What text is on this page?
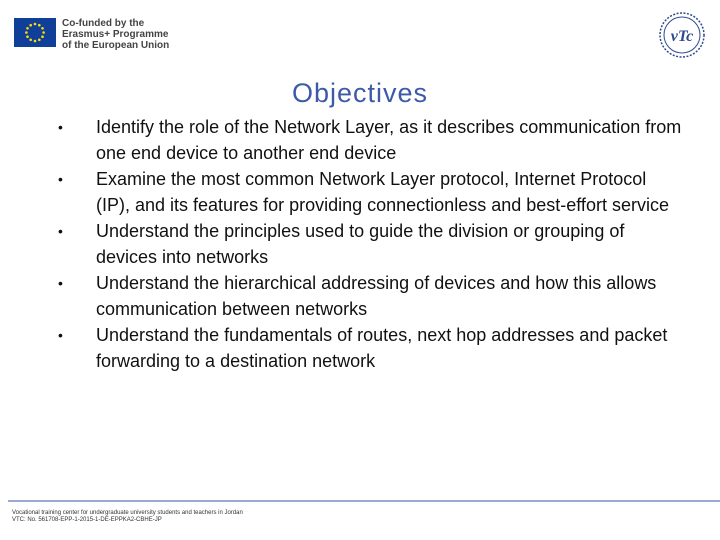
Co-funded by the
Erasmus+ Programme
of the European Union
vTc
Objectives
• Identify the role of the Network Layer, as it describes communication from one end device to another end device
• Examine the most common Network Layer protocol, Internet Protocol (IP), and its features for providing connectionless and best-effort service
• Understand the principles used to guide the division or grouping of devices into networks
• Understand the hierarchical addressing of devices and how this allows communication between networks
• Understand the fundamentals of routes, next hop addresses and packet forwarding to a destination network
Vocational training center for undergraduate university students and teachers in Jordan
VTC: No. 561708-EPP-1-2015-1-DE-EPPKA2-CBHE-JP
